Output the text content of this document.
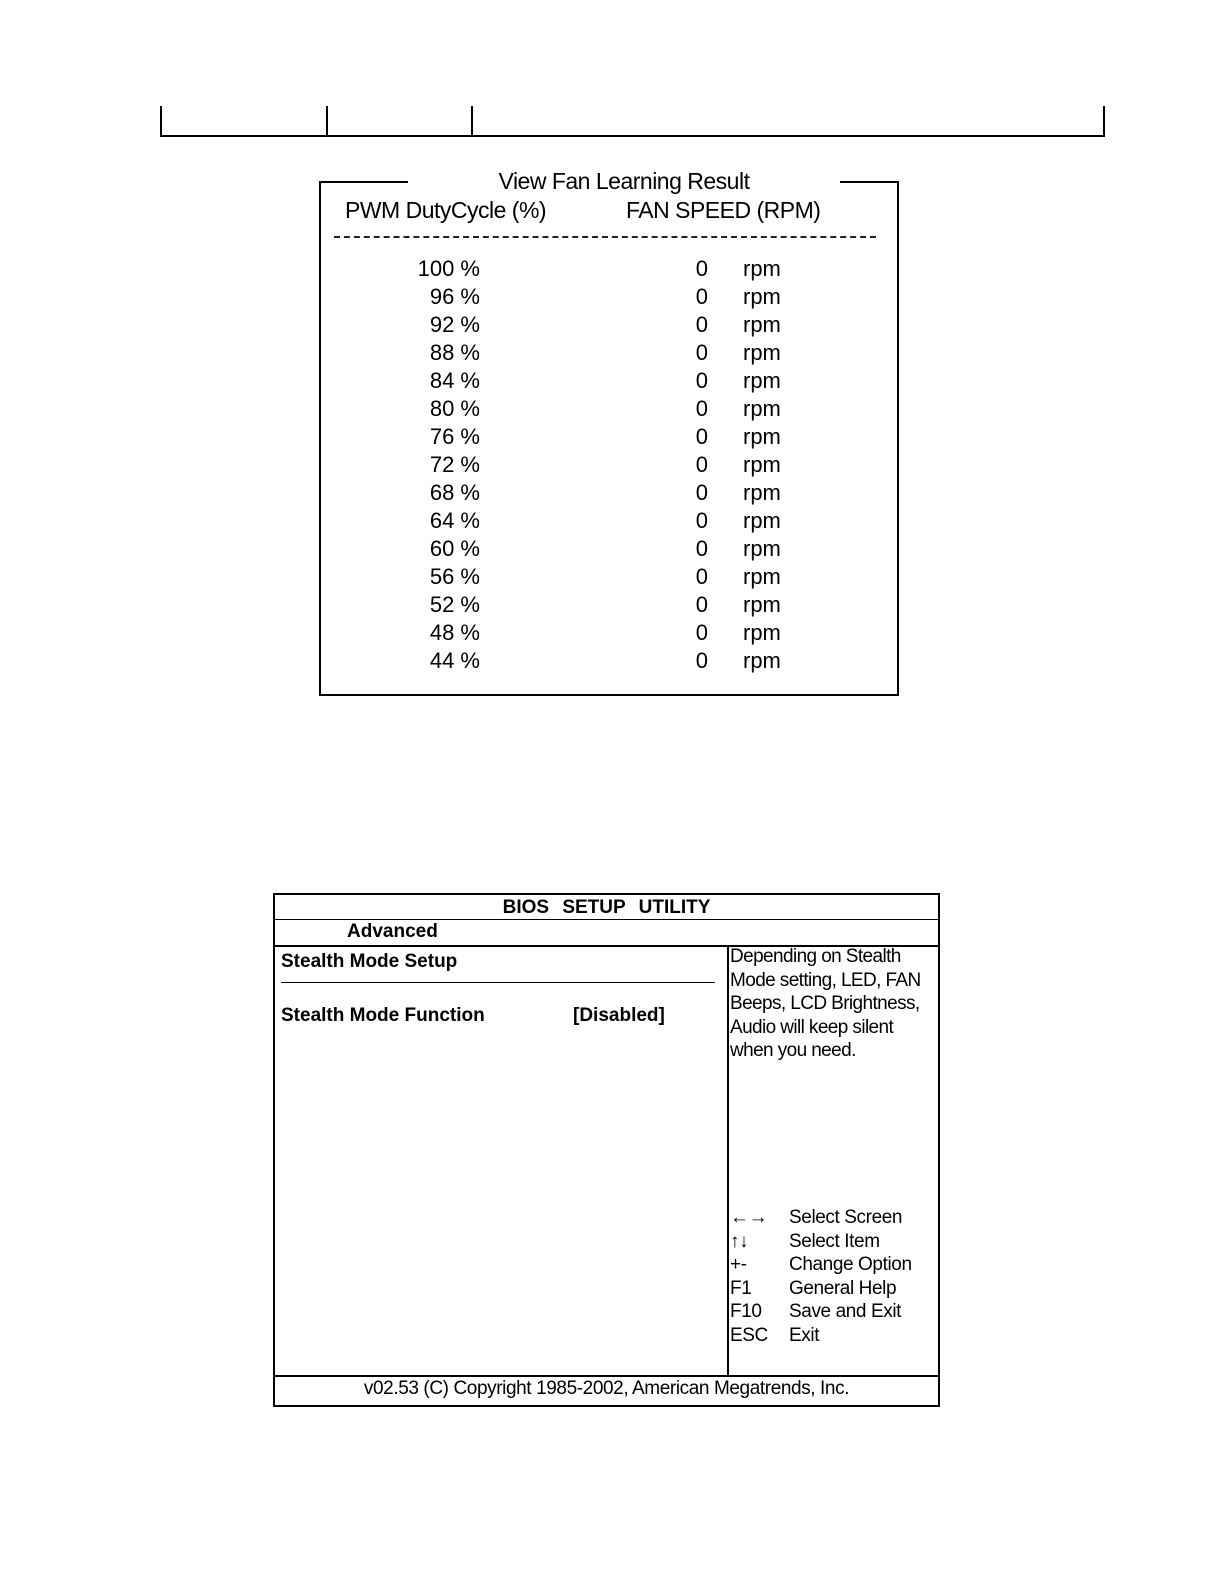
View Fan Learning Result
PWM DutyCycle (%)	FAN SPEED (RPM)
100 %	0 rpm
96 %	0 rpm
92 %	0 rpm
88 %	0 rpm
84 %	0 rpm
80 %	0 rpm
76 %	0 rpm
72 %	0 rpm
68 %	0 rpm
64 %	0 rpm
60 %	0 rpm
56 %	0 rpm
52 %	0 rpm
48 %	0 rpm
44 %	0 rpm
BIOS SETUP UTILITY
Advanced
Stealth Mode Setup
Stealth Mode Function	[Disabled]
Depending on Stealth
Mode setting, LED, FAN
Beeps, LCD Brightness,
Audio will keep silent
when you need.
←→	Select Screen
↑↓	Select Item
+-	Change Option
F1	General Help
F10	Save and Exit
ESC	Exit
v02.53 (C) Copyright 1985-2002, American Megatrends, Inc.
